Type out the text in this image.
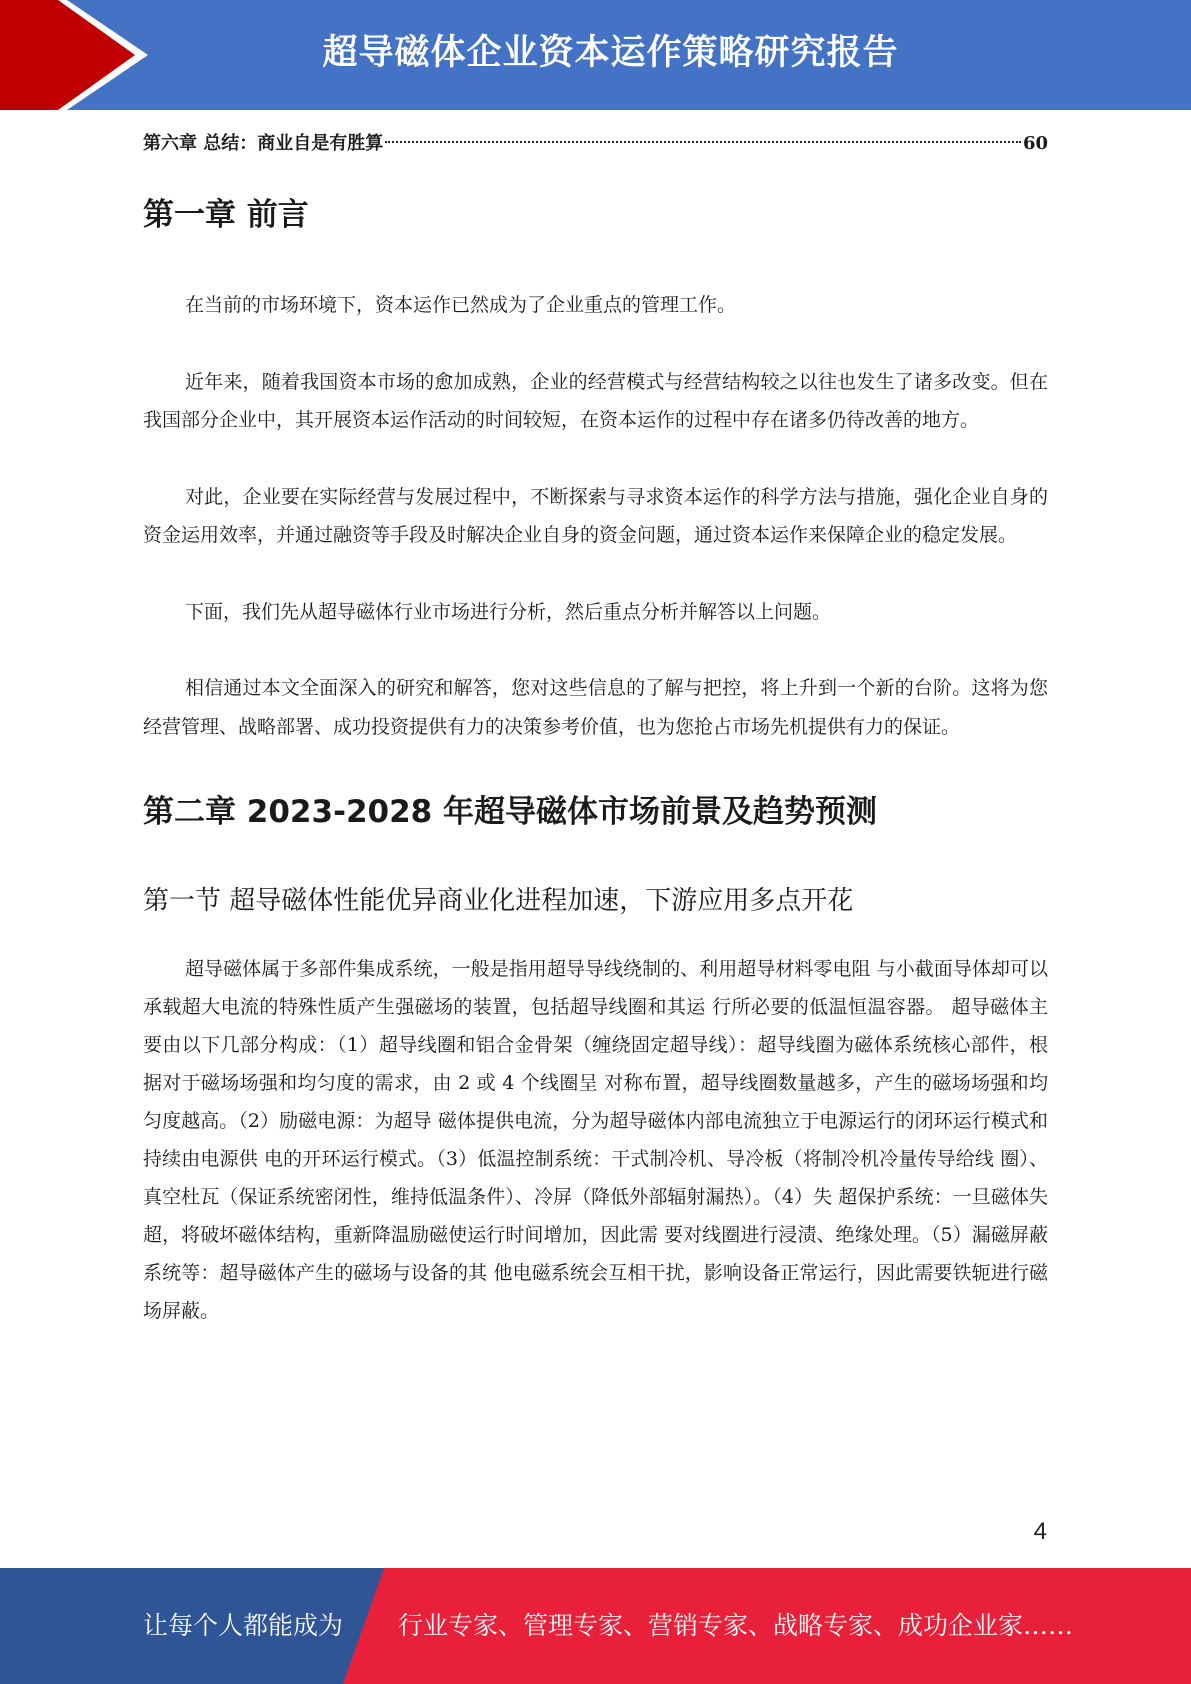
超导磁体企业资本运作策略研究报告
第六章 总结：商业自是有胜算	60
第一章 前言

在当前的市场环境下，资本运作已然成为了企业重点的管理工作。

近年来，随着我国资本市场的愈加成熟，企业的经营模式与经营结构较之以往也发生了诸多改变。但在我国部分企业中，其开展资本运作活动的时间较短，在资本运作的过程中存在诸多仍待改善的地方。

对此，企业要在实际经营与发展过程中，不断探索与寻求资本运作的科学方法与措施，强化企业自身的资金运用效率，并通过融资等手段及时解决企业自身的资金问题，通过资本运作来保障企业的稳定发展。

下面，我们先从超导磁体行业市场进行分析，然后重点分析并解答以上问题。

相信通过本文全面深入的研究和解答，您对这些信息的了解与把控，将上升到一个新的台阶。这将为您经营管理、战略部署、成功投资提供有力的决策参考价值，也为您抢占市场先机提供有力的保证。

第二章 2023-2028 年超导磁体市场前景及趋势预测
第一节 超导磁体性能优异商业化进程加速，下游应用多点开花

超导磁体属于多部件集成系统，一般是指用超导导线绕制的、利用超导材料零电阻 与小截面导体却可以承载超大电流的特殊性质产生强磁场的装置，包括超导线圈和其运 行所必要的低温恒温容器。 超导磁体主要由以下几部分构成：（1）超导线圈和铝合金骨架（缠绕固定超导线）：超导线圈为磁体系统核心部件，根据对于磁场场强和均匀度的需求，由 2 或 4 个线圈呈 对称布置，超导线圈数量越多，产生的磁场场强和均匀度越高。（2）励磁电源：为超导 磁体提供电流，分为超导磁体内部电流独立于电源运行的闭环运行模式和持续由电源供 电的开环运行模式。（3）低温控制系统：干式制冷机、导冷板（将制冷机冷量传导给线 圈）、真空杜瓦（保证系统密闭性，维持低温条件）、冷屏（降低外部辐射漏热）。（4）失 超保护系统：一旦磁体失超，将破坏磁体结构，重新降温励磁使运行时间增加，因此需 要对线圈进行浸渍、绝缘处理。（5）漏磁屏蔽系统等：超导磁体产生的磁场与设备的其 他电磁系统会互相干扰，影响设备正常运行，因此需要铁轭进行磁场屏蔽。

4
让每个人都能成为 行业专家、管理专家、营销专家、战略专家、成功企业家……
